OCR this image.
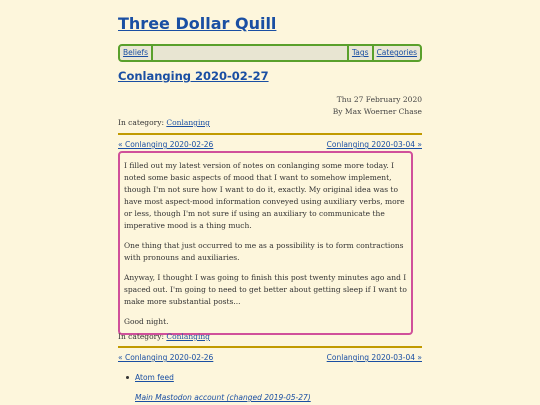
Three Dollar Quill
Beliefs	Tags	Categories
Conlanging 2020-02-27
Thu 27 February 2020
By Max Woerner Chase
In category: Conlanging
« Conlanging 2020-02-26	Conlanging 2020-03-04 »

I filled out my latest version of notes on conlanging some more today. I noted some basic aspects of mood that I want to somehow implement, though I'm not sure how I want to do it, exactly. My original idea was to have most aspect-mood information conveyed using auxiliary verbs, more or less, though I'm not sure if using an auxiliary to communicate the imperative mood is a thing much.

One thing that just occurred to me as a possibility is to form contractions with pronouns and auxiliaries.

Anyway, I thought I was going to finish this post twenty minutes ago and I spaced out. I'm going to need to get better about getting sleep if I want to make more substantial posts...

Good night.

In category: Conlanging
« Conlanging 2020-02-26	Conlanging 2020-03-04 »
Atom feed
Main Mastodon account (changed 2019-05-27)
